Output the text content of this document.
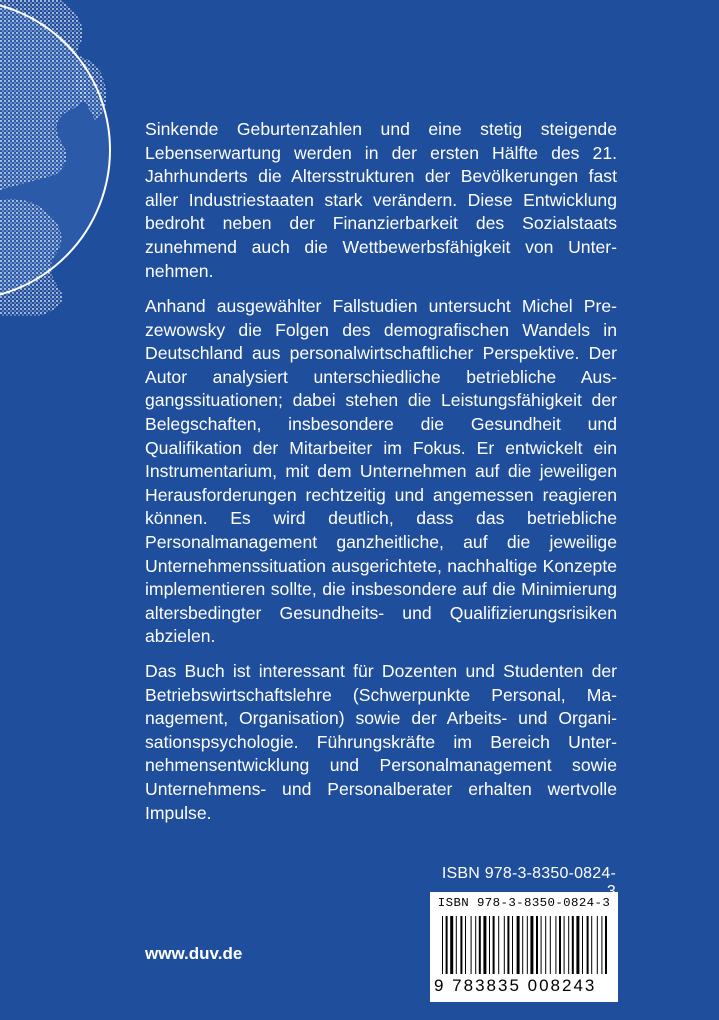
Sinkende Geburtenzahlen und eine stetig steigende Lebenserwartung werden in der ersten Hälfte des 21. Jahrhunderts die Altersstrukturen der Bevölkerungen fast aller Industriestaaten stark verändern. Diese Entwicklung bedroht neben der Finanzierbarkeit des Sozialstaats zunehmend auch die Wettbewerbsfähigkeit von Unternehmen.

Anhand ausgewählter Fallstudien untersucht Michel Prezewowsky die Folgen des demografischen Wandels in Deutschland aus personalwirtschaftlicher Perspektive. Der Autor analysiert unterschiedliche betriebliche Ausgangssituationen; dabei stehen die Leistungsfähigkeit der Belegschaften, insbesondere die Gesundheit und Qualifikation der Mitarbeiter im Fokus. Er entwickelt ein Instrumentarium, mit dem Unternehmen auf die jeweiligen Herausforderungen rechtzeitig und angemessen reagieren können. Es wird deutlich, dass das betriebliche Personalmanagement ganzheitliche, auf die jeweilige Unternehmenssituation ausgerichtete, nachhaltige Konzepte implementieren sollte, die insbesondere auf die Minimierung altersbedingter Gesundheits- und Qualifizierungsrisiken abzielen.

Das Buch ist interessant für Dozenten und Studenten der Betriebswirtschaftslehre (Schwerpunkte Personal, Management, Organisation) sowie der Arbeits- und Organisationspsychologie. Führungskräfte im Bereich Unternehmensentwicklung und Personalmanagement sowie Unternehmens- und Personalberater erhalten wertvolle Impulse.

ISBN 978-3-8350-0824-
www.duv.de
ISBN 978-3-8350-0824-3
9 783835 008243
